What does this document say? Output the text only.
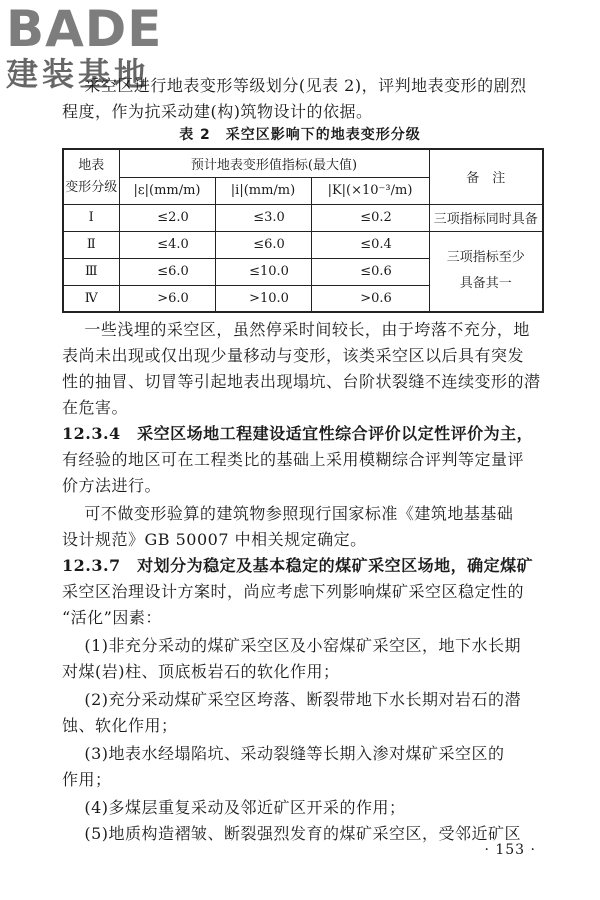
BADE
建装基地
采空区进行地表变形等级划分(见表 2)，评判地表变形的剧烈
程度，作为抗采动建(构)筑物设计的依据。
表 2　采空区影响下的地表变形分级
地表
变形分级	预计地表变形值指标(最大值)			备　注
	|ε|(mm/m)	|i|(mm/m)	|K|(×10⁻³/m)	
Ⅰ	≤2.0	≤3.0	≤0.2	三项指标同时具备
Ⅱ	≤4.0	≤6.0	≤0.4	三项指标至少
具备其一
Ⅲ	≤6.0	≤10.0	≤0.6	
Ⅳ	>6.0	>10.0	>0.6	
一些浅埋的采空区，虽然停采时间较长，由于垮落不充分，地
表尚未出现或仅出现少量移动与变形，该类采空区以后具有突发
性的抽冒、切冒等引起地表出现塌坑、台阶状裂缝不连续变形的潜
在危害。
12.3.4　采空区场地工程建设适宜性综合评价以定性评价为主，
有经验的地区可在工程类比的基础上采用模糊综合评判等定量评
价方法进行。
可不做变形验算的建筑物参照现行国家标准《建筑地基基础
设计规范》GB 50007 中相关规定确定。
12.3.7　对划分为稳定及基本稳定的煤矿采空区场地，确定煤矿
采空区治理设计方案时，尚应考虑下列影响煤矿采空区稳定性的
“活化”因素：
(1)非充分采动的煤矿采空区及小窑煤矿采空区，地下水长期
对煤(岩)柱、顶底板岩石的软化作用；
(2)充分采动煤矿采空区垮落、断裂带地下水长期对岩石的潜
蚀、软化作用；
(3)地表水经塌陷坑、采动裂缝等长期入渗对煤矿采空区的
作用；
(4)多煤层重复采动及邻近矿区开采的作用；
(5)地质构造褶皱、断裂强烈发育的煤矿采空区，受邻近矿区
· 153 ·
